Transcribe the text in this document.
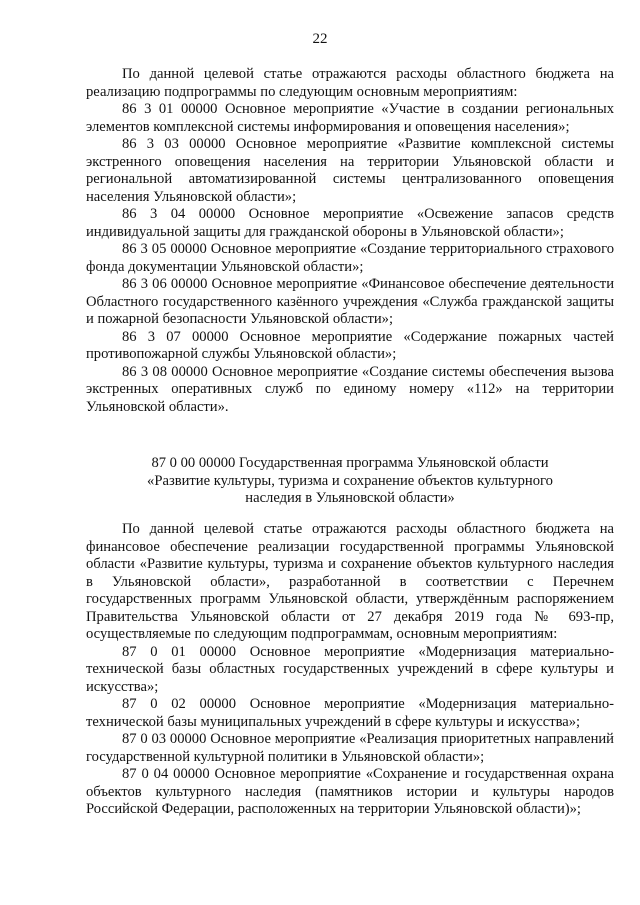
22

По данной целевой статье отражаются расходы областного бюджета на реализацию подпрограммы по следующим основным мероприятиям:

86 3 01 00000 Основное мероприятие «Участие в создании региональных элементов комплексной системы информирования и оповещения населения»;

86 3 03 00000 Основное мероприятие «Развитие комплексной системы экстренного оповещения населения на территории Ульяновской области и региональной автоматизированной системы централизованного оповещения населения Ульяновской области»;

86 3 04 00000 Основное мероприятие «Освежение запасов средств индивидуальной защиты для гражданской обороны в Ульяновской области»;

86 3 05 00000 Основное мероприятие «Создание территориального страхового фонда документации Ульяновской области»;

86 3 06 00000 Основное мероприятие «Финансовое обеспечение деятельности Областного государственного казённого учреждения «Служба гражданской защиты и пожарной безопасности Ульяновской области»;

86 3 07 00000 Основное мероприятие «Содержание пожарных частей противопожарной службы Ульяновской области»;

86 3 08 00000 Основное мероприятие «Создание системы обеспечения вызова экстренных оперативных служб по единому номеру «112» на территории Ульяновской области».

87 0 00 00000 Государственная программа Ульяновской области
«Развитие культуры, туризма и сохранение объектов культурного
наследия в Ульяновской области»

По данной целевой статье отражаются расходы областного бюджета на финансовое обеспечение реализации государственной программы Ульяновской области «Развитие культуры, туризма и сохранение объектов культурного наследия в Ульяновской области», разработанной в соответствии с Перечнем государственных программ Ульяновской области, утверждённым распоряжением Правительства Ульяновской области от 27 декабря 2019 года № 693-пр, осуществляемые по следующим подпрограммам, основным мероприятиям:

87 0 01 00000 Основное мероприятие «Модернизация материально-технической базы областных государственных учреждений в сфере культуры и искусства»;

87 0 02 00000 Основное мероприятие «Модернизация материально-технической базы муниципальных учреждений в сфере культуры и искусства»;

87 0 03 00000 Основное мероприятие «Реализация приоритетных направлений государственной культурной политики в Ульяновской области»;

87 0 04 00000 Основное мероприятие «Сохранение и государственная охрана объектов культурного наследия (памятников истории и культуры народов Российской Федерации, расположенных на территории Ульяновской области)»;
